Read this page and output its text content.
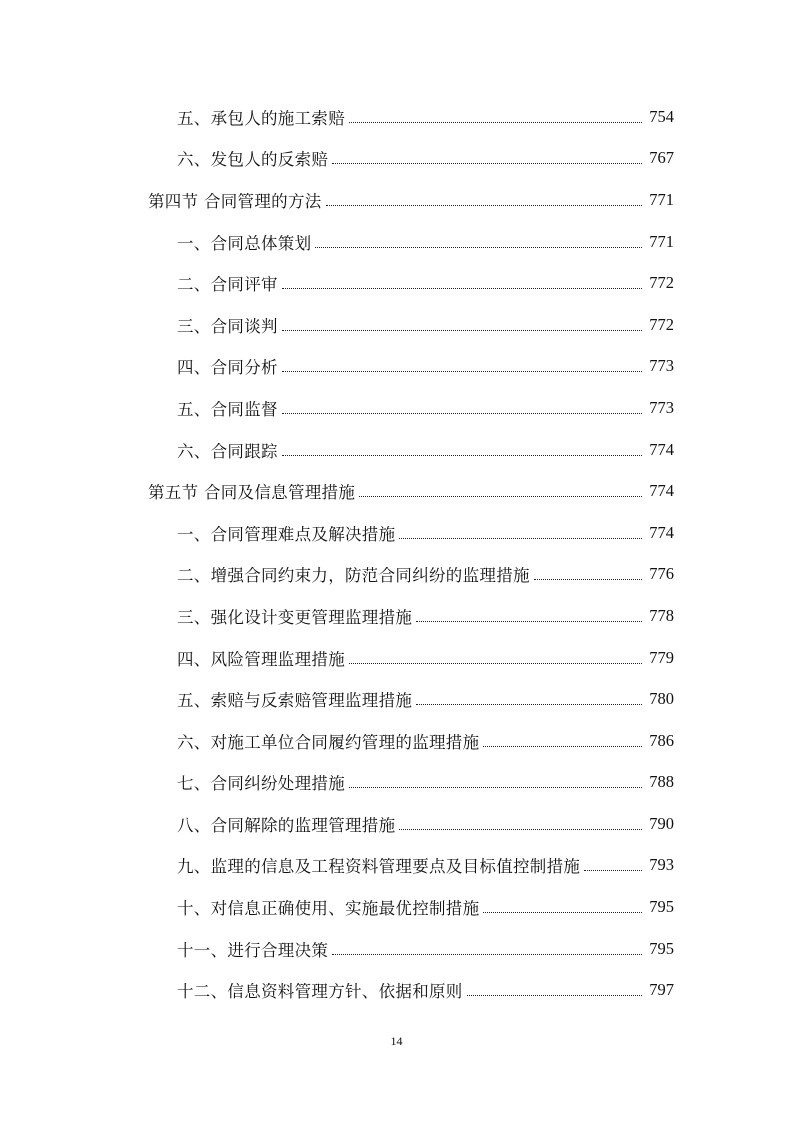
五、承包人的施工索赔	754
六、发包人的反索赔	767
第四节 合同管理的方法	771
一、合同总体策划	771
二、合同评审	772
三、合同谈判	772
四、合同分析	773
五、合同监督	773
六、合同跟踪	774
第五节 合同及信息管理措施	774
一、合同管理难点及解决措施	774
二、增强合同约束力，防范合同纠纷的监理措施	776
三、强化设计变更管理监理措施	778
四、风险管理监理措施	779
五、索赔与反索赔管理监理措施	780
六、对施工单位合同履约管理的监理措施	786
七、合同纠纷处理措施	788
八、合同解除的监理管理措施	790
九、监理的信息及工程资料管理要点及目标值控制措施	793
十、对信息正确使用、实施最优控制措施	795
十一、进行合理决策	795
十二、信息资料管理方针、依据和原则	797
14
